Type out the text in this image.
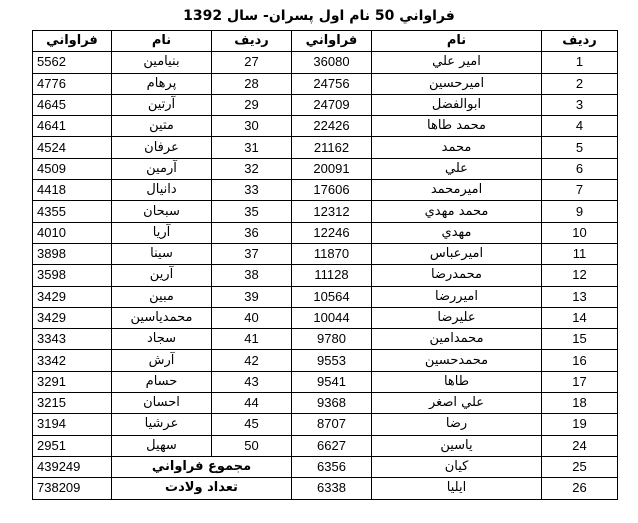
فراواني 50 نام اول پسران- سال 1392
رديف	نام	فراواني	رديف	نام	فراواني
1	امير علي	36080	27	بنيامين	5562
2	اميرحسين	24756	28	پرهام	4776
3	ابوالفضل	24709	29	آرتين	4645
4	محمد طاها	22426	30	متين	4641
5	محمد	21162	31	عرفان	4524
6	علي	20091	32	آرمين	4509
7	اميرمحمد	17606	33	دانيال	4418
9	محمد مهدي	12312	35	سبحان	4355
10	مهدي	12246	36	آريا	4010
11	اميرعباس	11870	37	سينا	3898
12	محمدرضا	11128	38	آرين	3598
13	اميررضا	10564	39	مبين	3429
14	عليرضا	10044	40	محمدياسين	3429
15	محمدامين	9780	41	سجاد	3343
16	محمدحسين	9553	42	آرش	3342
17	طاها	9541	43	حسام	3291
18	علي اصغر	9368	44	احسان	3215
19	رضا	8707	45	عرشيا	3194
24	ياسين	6627	50	سهيل	2951
25	كيان	6356	مجموع فراواني		439249
26	ايليا	6338	تعداد ولادت		738209
